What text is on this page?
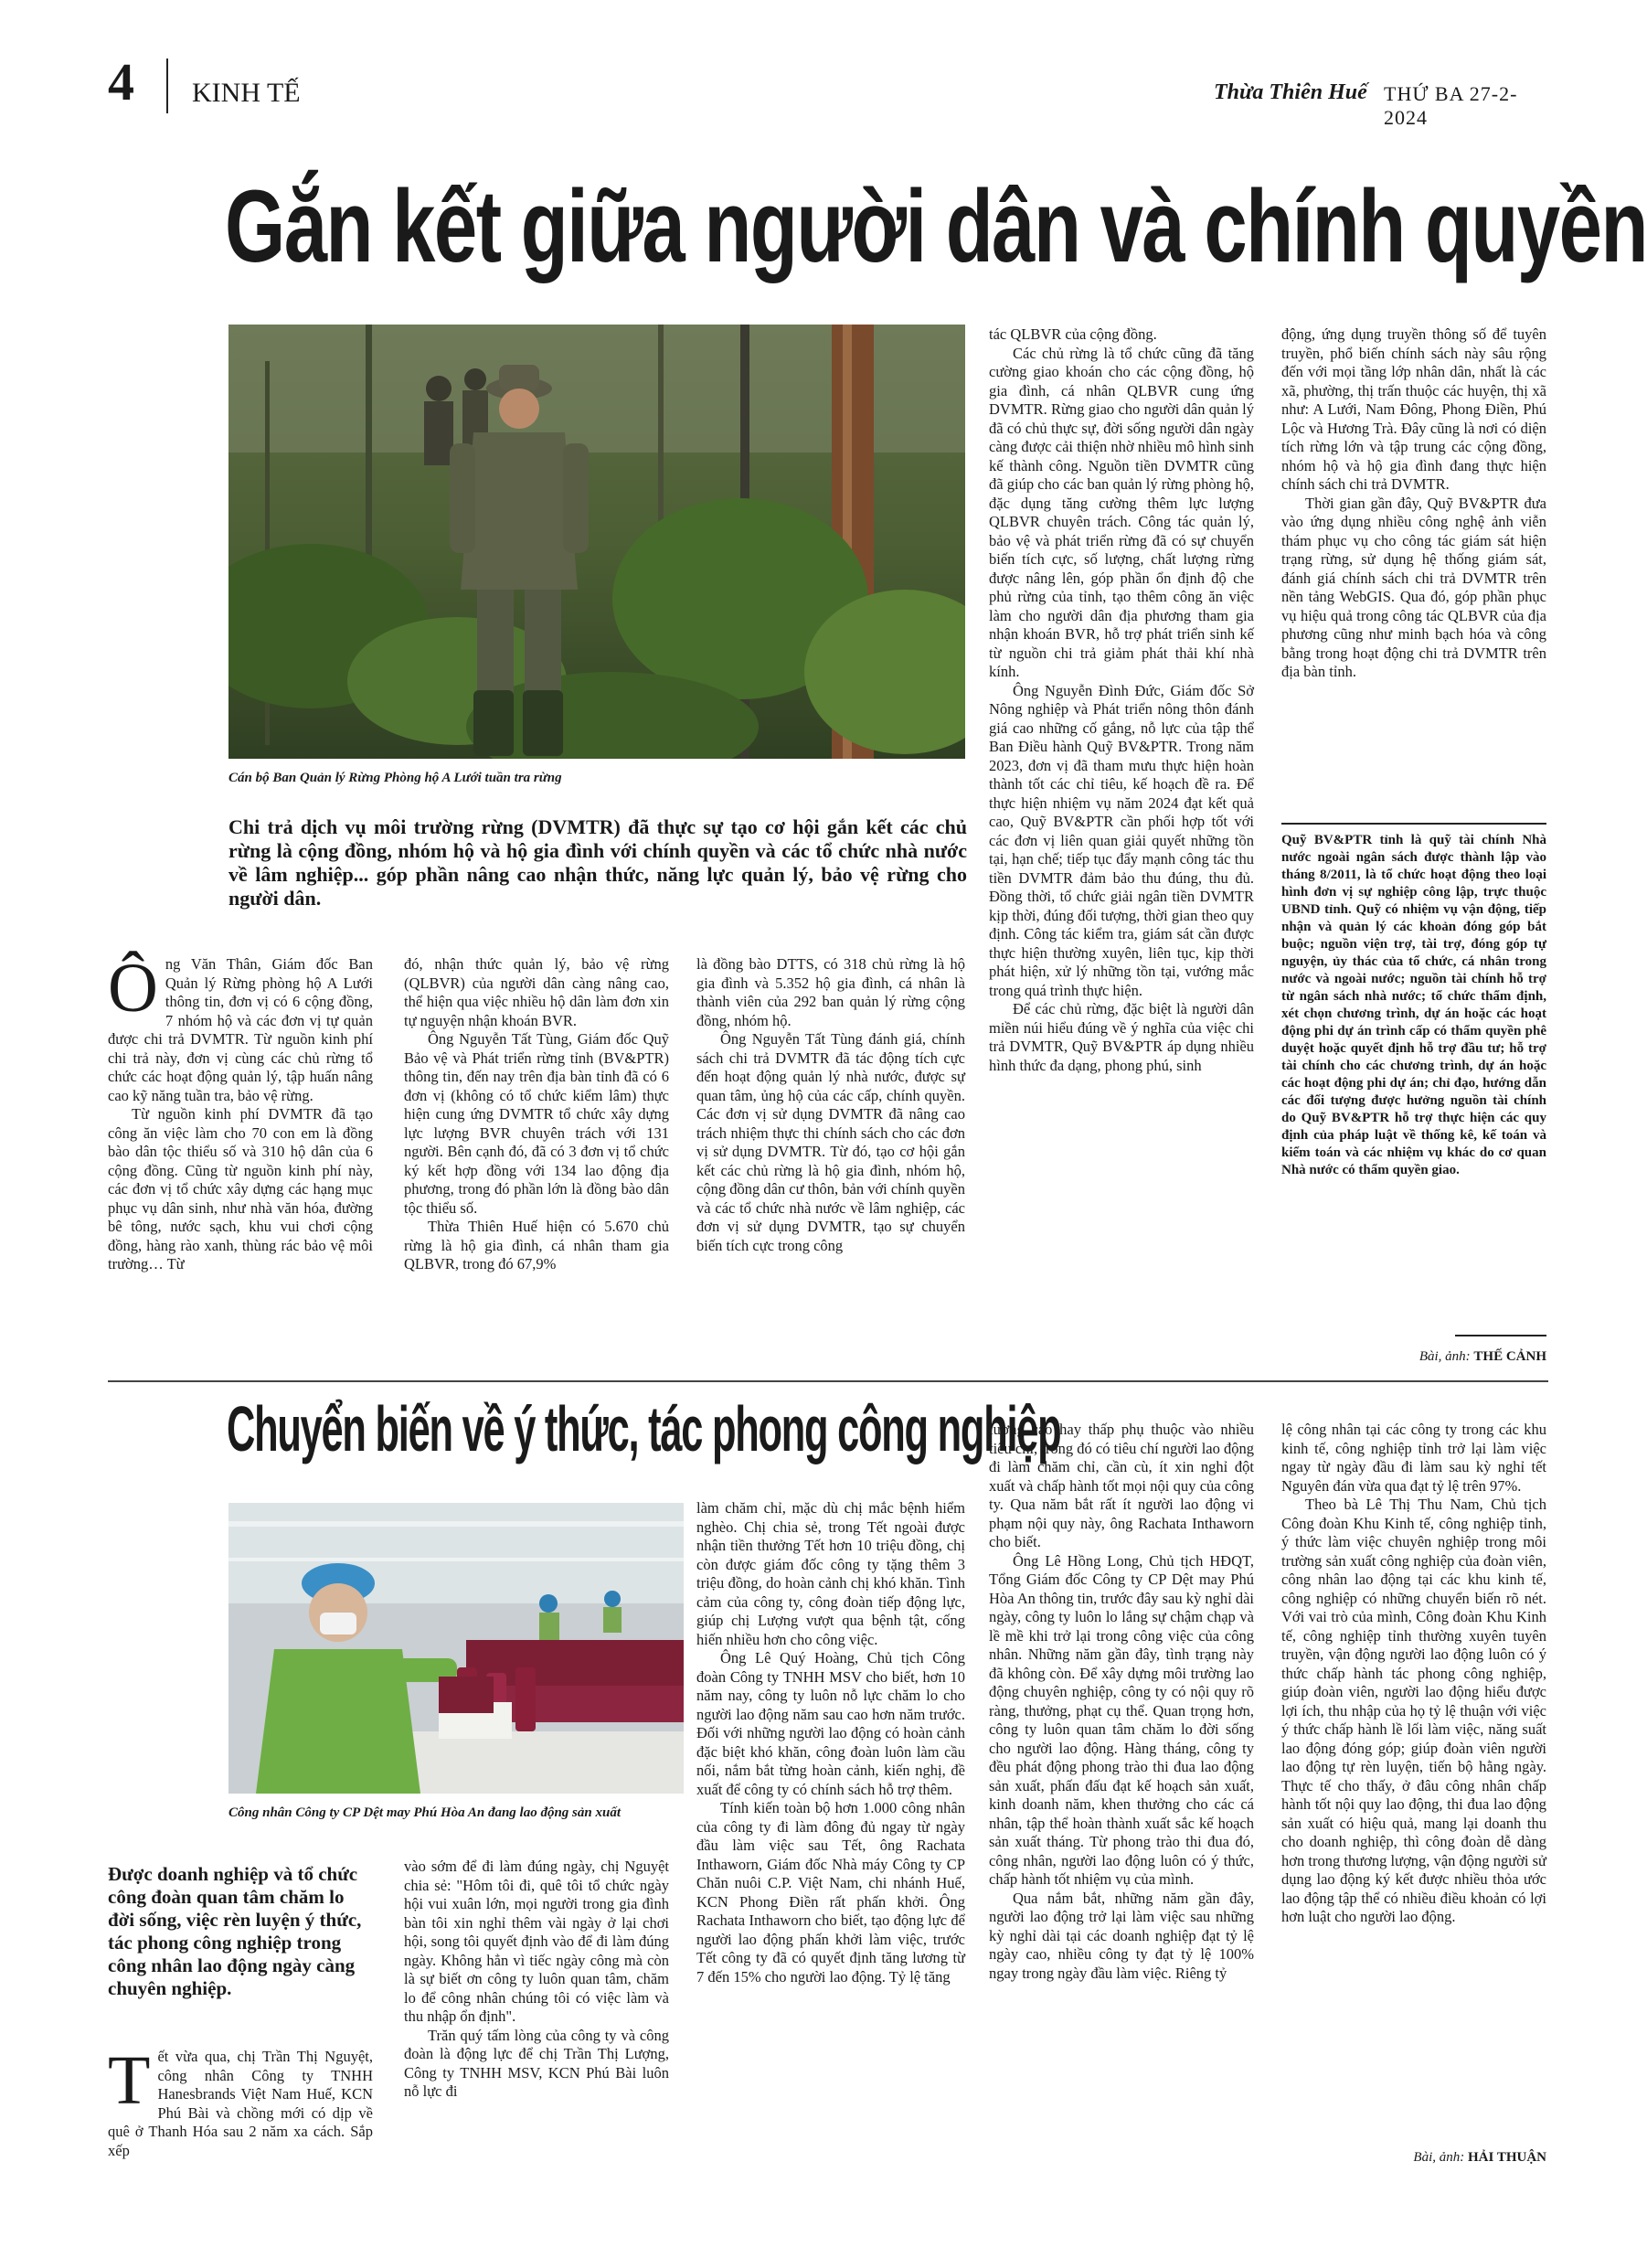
4 KINH TẾ	Thừa Thiên Huế THỨ BA 27-2-2024
Gắn kết giữa người dân và chính quyền
Cán bộ Ban Quản lý Rừng Phòng hộ A Lưới tuần tra rừng
Chi trả dịch vụ môi trường rừng (DVMTR) đã thực sự tạo cơ hội gắn kết các chủ rừng là cộng đồng, nhóm hộ và hộ gia đình với chính quyền và các tổ chức nhà nước về lâm nghiệp... góp phần nâng cao nhận thức, năng lực quản lý, bảo vệ rừng cho người dân.

Ông Văn Thân, Giám đốc Ban Quản lý Rừng phòng hộ A Lưới thông tin, đơn vị có 6 cộng đồng, 7 nhóm hộ và các đơn vị tự quản được chi trả DVMTR. Từ nguồn kinh phí chi trả này, đơn vị cùng các chủ rừng tổ chức các hoạt động quản lý, tập huấn nâng cao kỹ năng tuần tra, bảo vệ rừng.

Từ nguồn kinh phí DVMTR đã tạo công ăn việc làm cho 70 con em là đồng bào dân tộc thiểu số và 310 hộ dân của 6 cộng đồng. Cũng từ nguồn kinh phí này, các đơn vị tổ chức xây dựng các hạng mục phục vụ dân sinh, như nhà văn hóa, đường bê tông, nước sạch, khu vui chơi cộng đồng, hàng rào xanh, thùng rác bảo vệ môi trường… Từ

đó, nhận thức quản lý, bảo vệ rừng (QLBVR) của người dân càng nâng cao, thể hiện qua việc nhiều hộ dân làm đơn xin tự nguyện nhận khoán BVR.

Ông Nguyễn Tất Tùng, Giám đốc Quỹ Bảo vệ và Phát triển rừng tỉnh (BV&PTR) thông tin, đến nay trên địa bàn tỉnh đã có 6 đơn vị (không có tổ chức kiểm lâm) thực hiện cung ứng DVMTR tổ chức xây dựng lực lượng BVR chuyên trách với 131 người. Bên cạnh đó, đã có 3 đơn vị tổ chức ký kết hợp đồng với 134 lao động địa phương, trong đó phần lớn là đồng bào dân tộc thiểu số.

Thừa Thiên Huế hiện có 5.670 chủ rừng là hộ gia đình, cá nhân tham gia QLBVR, trong đó 67,9%

là đồng bào DTTS, có 318 chủ rừng là hộ gia đình và 5.352 hộ gia đình, cá nhân là thành viên của 292 ban quản lý rừng cộng đồng, nhóm hộ.

Ông Nguyễn Tất Tùng đánh giá, chính sách chi trả DVMTR đã tác động tích cực đến hoạt động quản lý nhà nước, được sự quan tâm, ủng hộ của các cấp, chính quyền. Các đơn vị sử dụng DVMTR đã nâng cao trách nhiệm thực thi chính sách cho các đơn vị sử dụng DVMTR. Từ đó, tạo cơ hội gắn kết các chủ rừng là hộ gia đình, nhóm hộ, cộng đồng dân cư thôn, bản với chính quyền và các tổ chức nhà nước về lâm nghiệp, các đơn vị sử dụng DVMTR, tạo sự chuyển biến tích cực trong công

tác QLBVR của cộng đồng.

Các chủ rừng là tổ chức cũng đã tăng cường giao khoán cho các cộng đồng, hộ gia đình, cá nhân QLBVR cung ứng DVMTR. Rừng giao cho người dân quản lý đã có chủ thực sự, đời sống người dân ngày càng được cải thiện nhờ nhiều mô hình sinh kế thành công. Nguồn tiền DVMTR cũng đã giúp cho các ban quản lý rừng phòng hộ, đặc dụng tăng cường thêm lực lượng QLBVR chuyên trách. Công tác quản lý, bảo vệ và phát triển rừng đã có sự chuyển biến tích cực, số lượng, chất lượng rừng được nâng lên, góp phần ổn định độ che phủ rừng của tỉnh, tạo thêm công ăn việc làm cho người dân địa phương tham gia nhận khoán BVR, hỗ trợ phát triển sinh kế từ nguồn chi trả giảm phát thải khí nhà kính.

Ông Nguyễn Đình Đức, Giám đốc Sở Nông nghiệp và Phát triển nông thôn đánh giá cao những cố gắng, nỗ lực của tập thể Ban Điều hành Quỹ BV&PTR. Trong năm 2023, đơn vị đã tham mưu thực hiện hoàn thành tốt các chỉ tiêu, kế hoạch đề ra. Để thực hiện nhiệm vụ năm 2024 đạt kết quả cao, Quỹ BV&PTR cần phối hợp tốt với các đơn vị liên quan giải quyết những tồn tại, hạn chế; tiếp tục đẩy mạnh công tác thu tiền DVMTR đảm bảo thu đúng, thu đủ. Đồng thời, tổ chức giải ngân tiền DVMTR kịp thời, đúng đối tượng, thời gian theo quy định. Công tác kiểm tra, giám sát cần được thực hiện thường xuyên, liên tục, kịp thời phát hiện, xử lý những tồn tại, vướng mắc trong quá trình thực hiện.

Để các chủ rừng, đặc biệt là người dân miền núi hiểu đúng về ý nghĩa của việc chi trả DVMTR, Quỹ BV&PTR áp dụng nhiều hình thức đa dạng, phong phú, sinh

động, ứng dụng truyền thông số để tuyên truyền, phổ biến chính sách này sâu rộng đến với mọi tầng lớp nhân dân, nhất là các xã, phường, thị trấn thuộc các huyện, thị xã như: A Lưới, Nam Đông, Phong Điền, Phú Lộc và Hương Trà. Đây cũng là nơi có diện tích rừng lớn và tập trung các cộng đồng, nhóm hộ và hộ gia đình đang thực hiện chính sách chi trả DVMTR.

Thời gian gần đây, Quỹ BV&PTR đưa vào ứng dụng nhiều công nghệ ảnh viễn thám phục vụ cho công tác giám sát hiện trạng rừng, sử dụng hệ thống giám sát, đánh giá chính sách chi trả DVMTR trên nền tảng WebGIS. Qua đó, góp phần phục vụ hiệu quả trong công tác QLBVR của địa phương cũng như minh bạch hóa và công bằng trong hoạt động chi trả DVMTR trên địa bàn tỉnh.

Quỹ BV&PTR tỉnh là quỹ tài chính Nhà nước ngoài ngân sách được thành lập vào tháng 8/2011, là tổ chức hoạt động theo loại hình đơn vị sự nghiệp công lập, trực thuộc UBND tỉnh. Quỹ có nhiệm vụ vận động, tiếp nhận và quản lý các khoản đóng góp bắt buộc; nguồn viện trợ, tài trợ, đóng góp tự nguyện, ủy thác của tổ chức, cá nhân trong nước và ngoài nước; nguồn tài chính hỗ trợ từ ngân sách nhà nước; tổ chức thẩm định, xét chọn chương trình, dự án hoặc các hoạt động phi dự án trình cấp có thẩm quyền phê duyệt hoặc quyết định hỗ trợ đầu tư; hỗ trợ tài chính cho các chương trình, dự án hoặc các hoạt động phi dự án; chỉ đạo, hướng dẫn các đối tượng được hưởng nguồn tài chính do Quỹ BV&PTR hỗ trợ thực hiện các quy định của pháp luật về thống kê, kế toán và kiểm toán và các nhiệm vụ khác do cơ quan Nhà nước có thẩm quyền giao.
Bài, ảnh: THẾ CẢNH
Chuyển biến về ý thức, tác phong công nghiệp
Công nhân Công ty CP Dệt may Phú Hòa An đang lao động sản xuất
Được doanh nghiệp và tổ chức công đoàn quan tâm chăm lo đời sống, việc rèn luyện ý thức, tác phong công nghiệp trong công nhân lao động ngày càng chuyên nghiệp.

Tết vừa qua, chị Trần Thị Nguyệt, công nhân Công ty TNHH Hanesbrands Việt Nam Huế, KCN Phú Bài và chồng mới có dịp về quê ở Thanh Hóa sau 2 năm xa cách. Sắp xếp

vào sớm để đi làm đúng ngày, chị Nguyệt chia sẻ: "Hôm tôi đi, quê tôi tổ chức ngày hội vui xuân lớn, mọi người trong gia đình bàn tôi xin nghỉ thêm vài ngày ở lại chơi hội, song tôi quyết định vào để đi làm đúng ngày. Không hẳn vì tiếc ngày công mà còn là sự biết ơn công ty luôn quan tâm, chăm lo để công nhân chúng tôi có việc làm và thu nhập ổn định".

Trăn quý tấm lòng của công ty và công đoàn là động lực để chị Trần Thị Lượng, Công ty TNHH MSV, KCN Phú Bài luôn nỗ lực đi

làm chăm chỉ, mặc dù chị mắc bệnh hiểm nghèo. Chị chia sẻ, trong Tết ngoài được nhận tiền thưởng Tết hơn 10 triệu đồng, chị còn được giám đốc công ty tặng thêm 3 triệu đồng, do hoàn cảnh chị khó khăn. Tình cảm của công ty, công đoàn tiếp động lực, giúp chị Lượng vượt qua bệnh tật, cống hiến nhiều hơn cho công việc.

Ông Lê Quý Hoàng, Chủ tịch Công đoàn Công ty TNHH MSV cho biết, hơn 10 năm nay, công ty luôn nỗ lực chăm lo cho người lao động năm sau cao hơn năm trước. Đối với những người lao động có hoàn cảnh đặc biệt khó khăn, công đoàn luôn làm cầu nối, nắm bắt từng hoàn cảnh, kiến nghị, đề xuất để công ty có chính sách hỗ trợ thêm.

Tính kiến toàn bộ hơn 1.000 công nhân của công ty đi làm đông đủ ngay từ ngày đầu làm việc sau Tết, ông Rachata Inthaworn, Giám đốc Nhà máy Công ty CP Chăn nuôi C.P. Việt Nam, chi nhánh Huế, KCN Phong Điền rất phấn khởi. Ông Rachata Inthaworn cho biết, tạo động lực để người lao động phấn khởi làm việc, trước Tết công ty đã có quyết định tăng lương từ 7 đến 15% cho người lao động. Tỷ lệ tăng

lương cao hay thấp phụ thuộc vào nhiều tiêu chí, trong đó có tiêu chí người lao động đi làm chăm chỉ, cần cù, ít xin nghỉ đột xuất và chấp hành tốt mọi nội quy của công ty. Qua năm bắt rất ít người lao động vi phạm nội quy này, ông Rachata Inthaworn cho biết.

Ông Lê Hồng Long, Chủ tịch HĐQT, Tổng Giám đốc Công ty CP Dệt may Phú Hòa An thông tin, trước đây sau kỳ nghỉ dài ngày, công ty luôn lo lắng sự chậm chạp và lề mề khi trở lại trong công việc của công nhân. Những năm gần đây, tình trạng này đã không còn. Để xây dựng môi trường lao động chuyên nghiệp, công ty có nội quy rõ ràng, thưởng, phạt cụ thể. Quan trọng hơn, công ty luôn quan tâm chăm lo đời sống cho người lao động. Hàng tháng, công ty đều phát động phong trào thi đua lao động sản xuất, phấn đấu đạt kế hoạch sản xuất, kinh doanh năm, khen thưởng cho các cá nhân, tập thể hoàn thành xuất sắc kế hoạch sản xuất tháng. Từ phong trào thi đua đó, công nhân, người lao động luôn có ý thức, chấp hành tốt nhiệm vụ của mình.

Qua nắm bắt, những năm gần đây, người lao động trở lại làm việc sau những kỳ nghỉ dài tại các doanh nghiệp đạt tỷ lệ ngày cao, nhiều công ty đạt tỷ lệ 100% ngay trong ngày đầu làm việc. Riêng tỷ

lệ công nhân tại các công ty trong các khu kinh tế, công nghiệp tỉnh trở lại làm việc ngay từ ngày đầu đi làm sau kỳ nghỉ tết Nguyên đán vừa qua đạt tỷ lệ trên 97%.

Theo bà Lê Thị Thu Nam, Chủ tịch Công đoàn Khu Kinh tế, công nghiệp tỉnh, ý thức làm việc chuyên nghiệp trong môi trường sản xuất công nghiệp của đoàn viên, công nhân lao động tại các khu kinh tế, công nghiệp có những chuyển biến rõ nét. Với vai trò của mình, Công đoàn Khu Kinh tế, công nghiệp tỉnh thường xuyên tuyên truyền, vận động người lao động luôn có ý thức chấp hành tác phong công nghiệp, giúp đoàn viên, người lao động hiểu được lợi ích, thu nhập của họ tỷ lệ thuận với việc ý thức chấp hành lề lối làm việc, năng suất lao động đóng góp; giúp đoàn viên người lao động tự rèn luyện, tiến bộ hằng ngày. Thực tế cho thấy, ở đâu công nhân chấp hành tốt nội quy lao động, thi đua lao động sản xuất có hiệu quả, mang lại doanh thu cho doanh nghiệp, thì công đoàn dễ dàng hơn trong thương lượng, vận động người sử dụng lao động ký kết được nhiều thỏa ước lao động tập thể có nhiều điều khoản có lợi hơn luật cho người lao động.

Bài, ảnh: HẢI THUẬN
